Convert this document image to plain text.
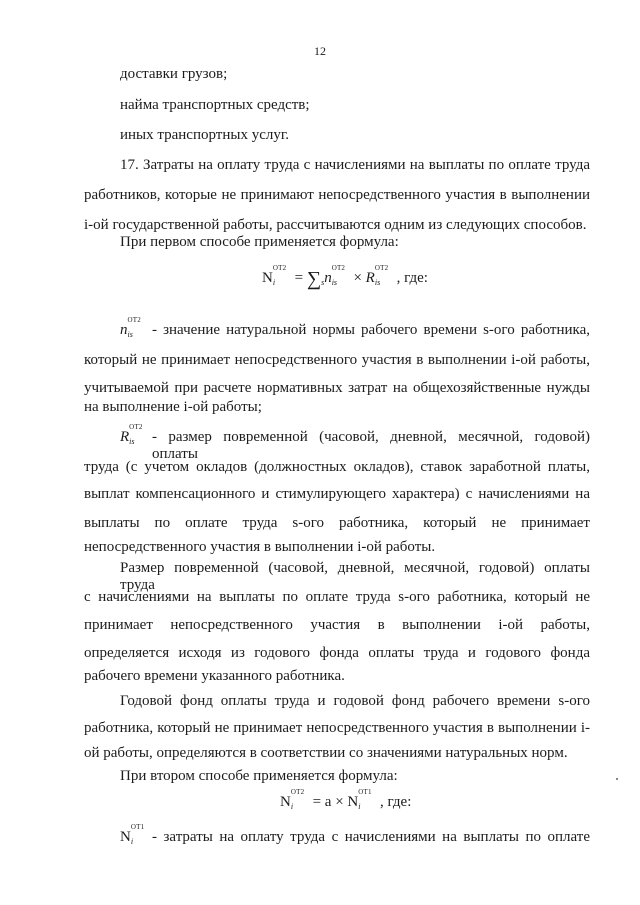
12
доставки грузов;
найма транспортных средств;
иных транспортных услуг.
17. Затраты на оплату труда с начислениями на выплаты по оплате труда
работников, которые не принимают непосредственного участия в выполнении
i-ой государственной работы, рассчитываются одним из следующих способов.
При первом способе применяется формула:
N
ОТ2
$i = \sum_sn$
ОТ2
is × R
ОТ2
is , где:
n
ОТ2
is - значение натуральной нормы рабочего времени s-ого работника,
который не принимает непосредственного участия в выполнении i-ой работы,
учитываемой при расчете нормативных затрат на общехозяйственные нужды
на выполнение i-ой работы;
R
ОТ2
is - размер повременной (часовой, дневной, месячной, годовой) оплаты
труда (с учетом окладов (должностных окладов), ставок заработной платы,
выплат компенсационного и стимулирующего характера) с начислениями на
выплаты по оплате труда s-ого работника, который не принимает
непосредственного участия в выполнении i-ой работы.
Размер повременной (часовой, дневной, месячной, годовой) оплаты труда
с начислениями на выплаты по оплате труда s-ого работника, который не
принимает непосредственного участия в выполнении i-ой работы,
определяется исходя из годового фонда оплаты труда и годового фонда
рабочего времени указанного работника.
Годовой фонд оплаты труда и годовой фонд рабочего времени s-ого
работника, который не принимает непосредственного участия в выполнении i-
ой работы, определяются в соответствии со значениями натуральных норм.
При втором способе применяется формула:
N
ОТ2
i = a × N
ОТ1
i , где:
N
ОТ1
i - затраты на оплату труда с начислениями на выплаты по оплате
